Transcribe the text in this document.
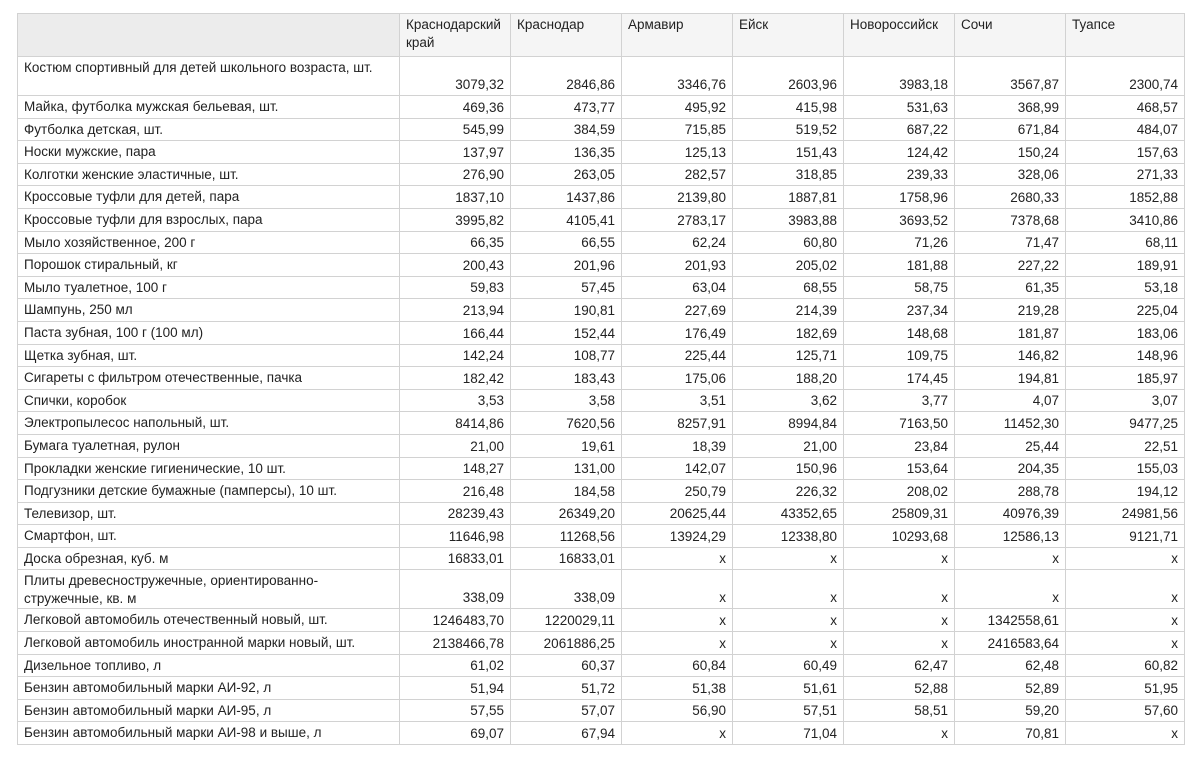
	Краснодарский край	Краснодар	Армавир	Ейск	Новороссийск	Сочи	Туапсе
Костюм спортивный для детей школьного возраста, шт.	3079,32	2846,86	3346,76	2603,96	3983,18	3567,87	2300,74
Майка, футболка мужская бельевая, шт.	469,36	473,77	495,92	415,98	531,63	368,99	468,57
Футболка детская, шт.	545,99	384,59	715,85	519,52	687,22	671,84	484,07
Носки мужские, пара	137,97	136,35	125,13	151,43	124,42	150,24	157,63
Колготки женские эластичные, шт.	276,90	263,05	282,57	318,85	239,33	328,06	271,33
Кроссовые туфли для детей, пара	1837,10	1437,86	2139,80	1887,81	1758,96	2680,33	1852,88
Кроссовые туфли для взрослых, пара	3995,82	4105,41	2783,17	3983,88	3693,52	7378,68	3410,86
Мыло хозяйственное, 200 г	66,35	66,55	62,24	60,80	71,26	71,47	68,11
Порошок стиральный, кг	200,43	201,96	201,93	205,02	181,88	227,22	189,91
Мыло туалетное, 100 г	59,83	57,45	63,04	68,55	58,75	61,35	53,18
Шампунь, 250 мл	213,94	190,81	227,69	214,39	237,34	219,28	225,04
Паста зубная, 100 г (100 мл)	166,44	152,44	176,49	182,69	148,68	181,87	183,06
Щетка зубная, шт.	142,24	108,77	225,44	125,71	109,75	146,82	148,96
Сигареты с фильтром отечественные, пачка	182,42	183,43	175,06	188,20	174,45	194,81	185,97
Спички, коробок	3,53	3,58	3,51	3,62	3,77	4,07	3,07
Электропылесос напольный, шт.	8414,86	7620,56	8257,91	8994,84	7163,50	11452,30	9477,25
Бумага туалетная, рулон	21,00	19,61	18,39	21,00	23,84	25,44	22,51
Прокладки женские гигиенические, 10 шт.	148,27	131,00	142,07	150,96	153,64	204,35	155,03
Подгузники детские бумажные (памперсы), 10 шт.	216,48	184,58	250,79	226,32	208,02	288,78	194,12
Телевизор, шт.	28239,43	26349,20	20625,44	43352,65	25809,31	40976,39	24981,56
Смартфон, шт.	11646,98	11268,56	13924,29	12338,80	10293,68	12586,13	9121,71
Доска обрезная, куб. м	16833,01	16833,01	x	x	x	x	x
Плиты древесностружечные, ориентированно-стружечные, кв. м	338,09	338,09	x	x	x	x	x
Легковой автомобиль отечественный новый, шт.	1246483,70	1220029,11	x	x	x	1342558,61	x
Легковой автомобиль иностранной марки новый, шт.	2138466,78	2061886,25	x	x	x	2416583,64	x
Дизельное топливо, л	61,02	60,37	60,84	60,49	62,47	62,48	60,82
Бензин автомобильный марки АИ-92, л	51,94	51,72	51,38	51,61	52,88	52,89	51,95
Бензин автомобильный марки АИ-95, л	57,55	57,07	56,90	57,51	58,51	59,20	57,60
Бензин автомобильный марки АИ-98 и выше, л	69,07	67,94	x	71,04	x	70,81	x
